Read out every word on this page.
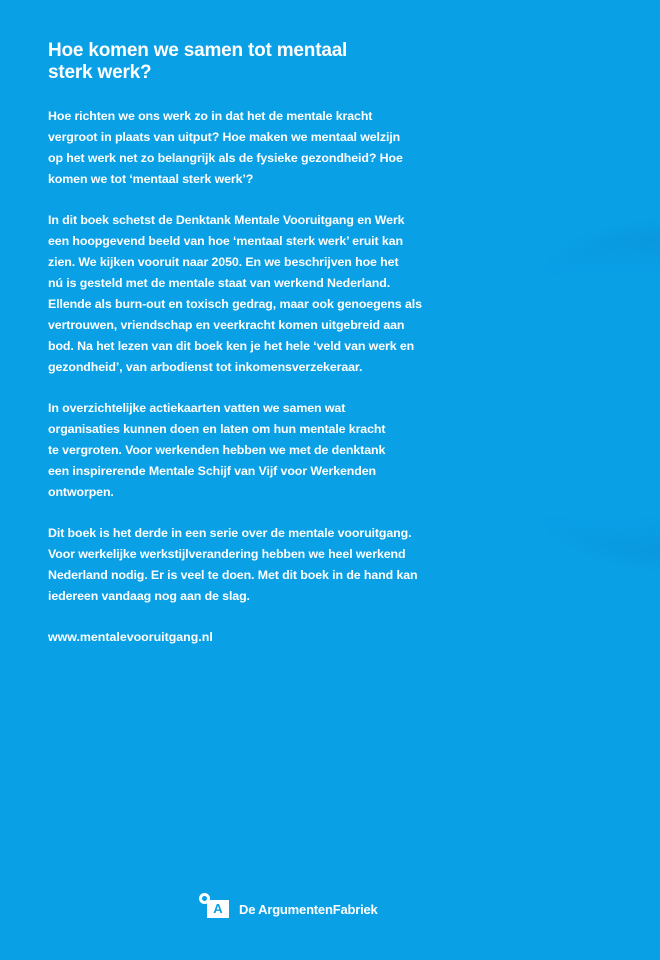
Hoe komen we samen tot mentaal
sterk werk?

Hoe richten we ons werk zo in dat het de mentale kracht
vergroot in plaats van uitput? Hoe maken we mentaal welzijn
op het werk net zo belangrijk als de fysieke gezondheid? Hoe
komen we tot ‘mentaal sterk werk’?

In dit boek schetst de Denktank Mentale Vooruitgang en Werk
een hoopgevend beeld van hoe ‘mentaal sterk werk’ eruit kan
zien. We kijken vooruit naar 2050. En we beschrijven hoe het
nú is gesteld met de mentale staat van werkend Nederland.
Ellende als burn-out en toxisch gedrag, maar ook genoegens als
vertrouwen, vriendschap en veerkracht komen uitgebreid aan
bod. Na het lezen van dit boek ken je het hele ‘veld van werk en
gezondheid’, van arbodienst tot inkomensverzekeraar.

In overzichtelijke actiekaarten vatten we samen wat
organisaties kunnen doen en laten om hun mentale kracht
te vergroten. Voor werkenden hebben we met de denktank
een inspirerende Mentale Schijf van Vijf voor Werkenden
ontworpen.

Dit boek is het derde in een serie over de mentale vooruitgang.
Voor werkelijke werkstijlverandering hebben we heel werkend
Nederland nodig. Er is veel te doen. Met dit boek in de hand kan
iedereen vandaag nog aan de slag.

www.mentalevooruitgang.nl
A	De ArgumentenFabriek
